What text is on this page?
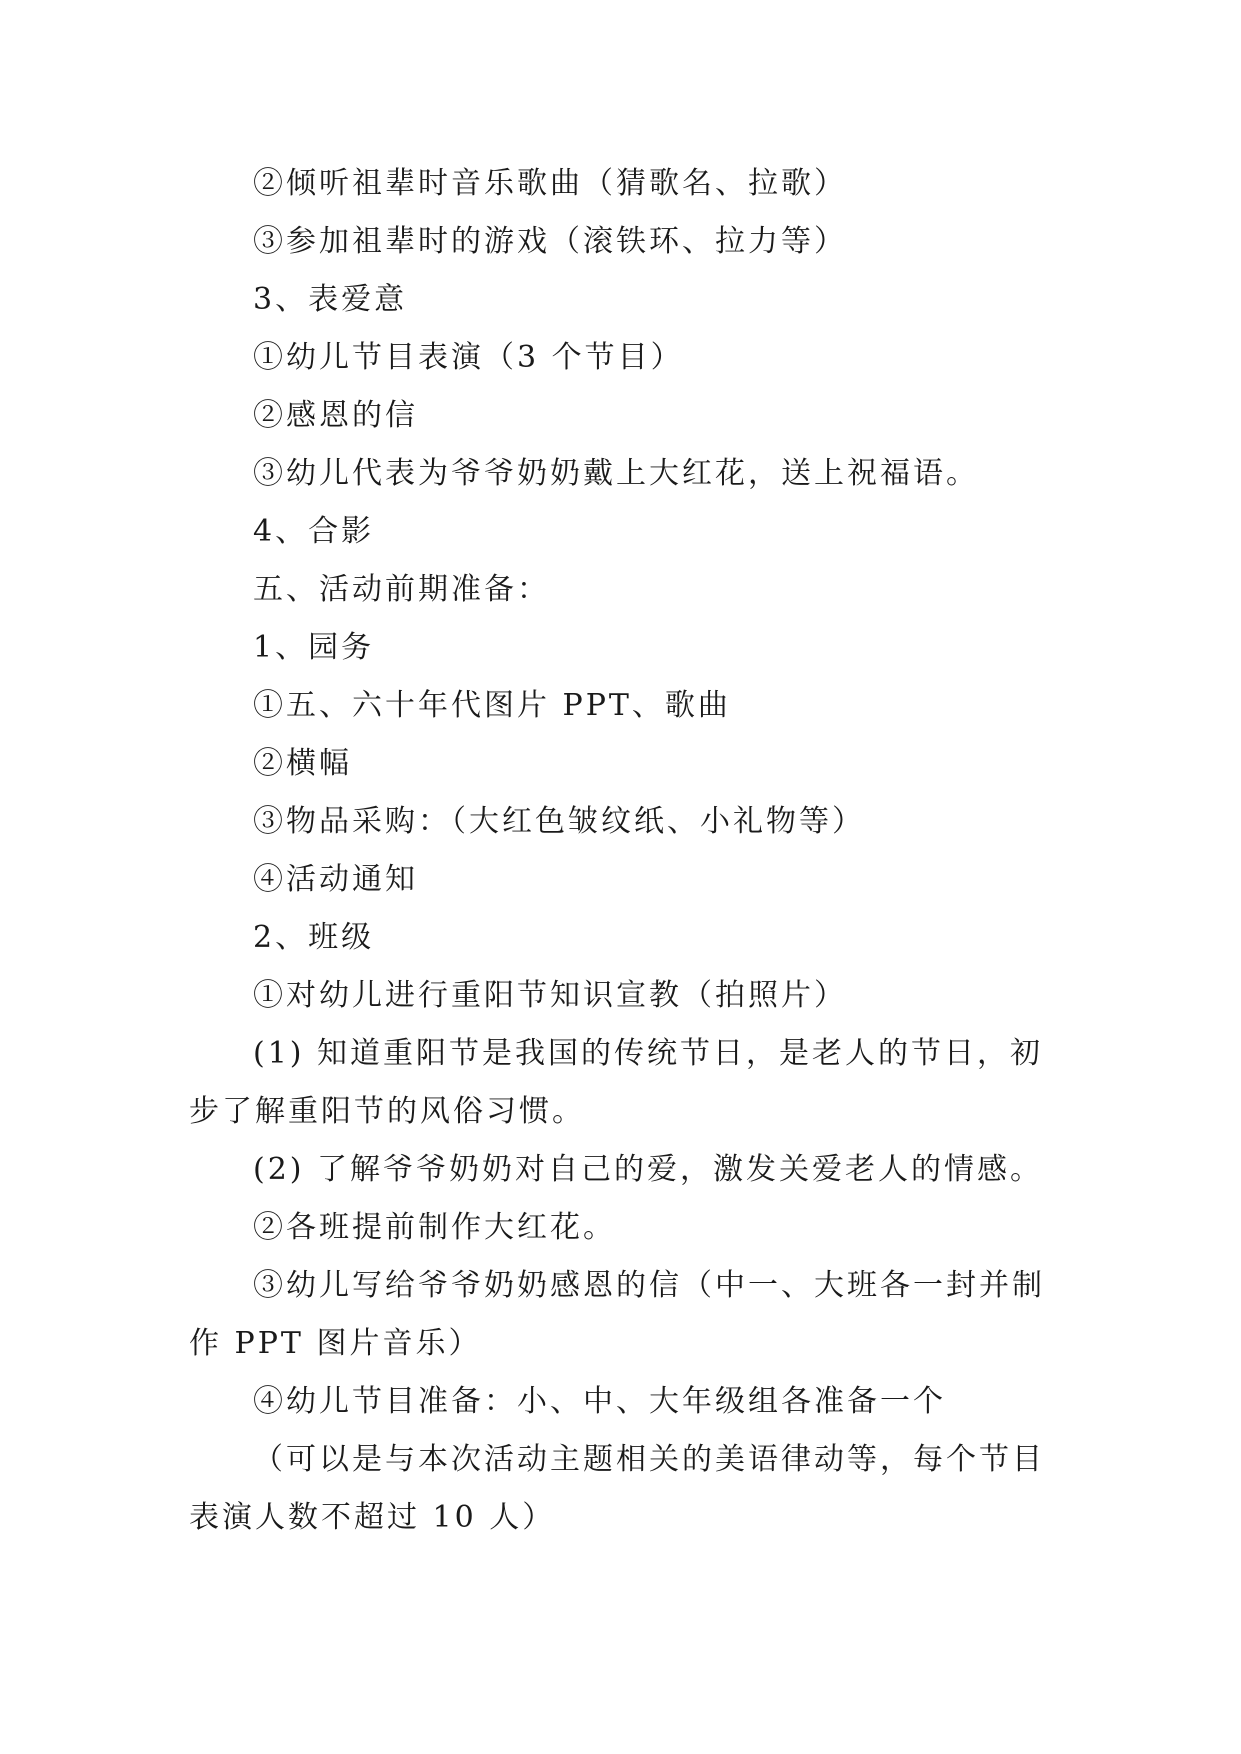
②倾听祖辈时音乐歌曲（猜歌名、拉歌）
③参加祖辈时的游戏（滚铁环、拉力等）
3、表爱意
①幼儿节目表演（3 个节目）
②感恩的信
③幼儿代表为爷爷奶奶戴上大红花，送上祝福语。
4、合影
五、活动前期准备：
1、园务
①五、六十年代图片 PPT、歌曲
②横幅
③物品采购：（大红色皱纹纸、小礼物等）
④活动通知
2、班级
①对幼儿进行重阳节知识宣教（拍照片）
(1) 知道重阳节是我国的传统节日，是老人的节日，初
步了解重阳节的风俗习惯。
(2) 了解爷爷奶奶对自己的爱，激发关爱老人的情感。
②各班提前制作大红花。
③幼儿写给爷爷奶奶感恩的信（中一、大班各一封并制
作 PPT 图片音乐）
④幼儿节目准备：小、中、大年级组各准备一个
（可以是与本次活动主题相关的美语律动等，每个节目
表演人数不超过 10 人）
